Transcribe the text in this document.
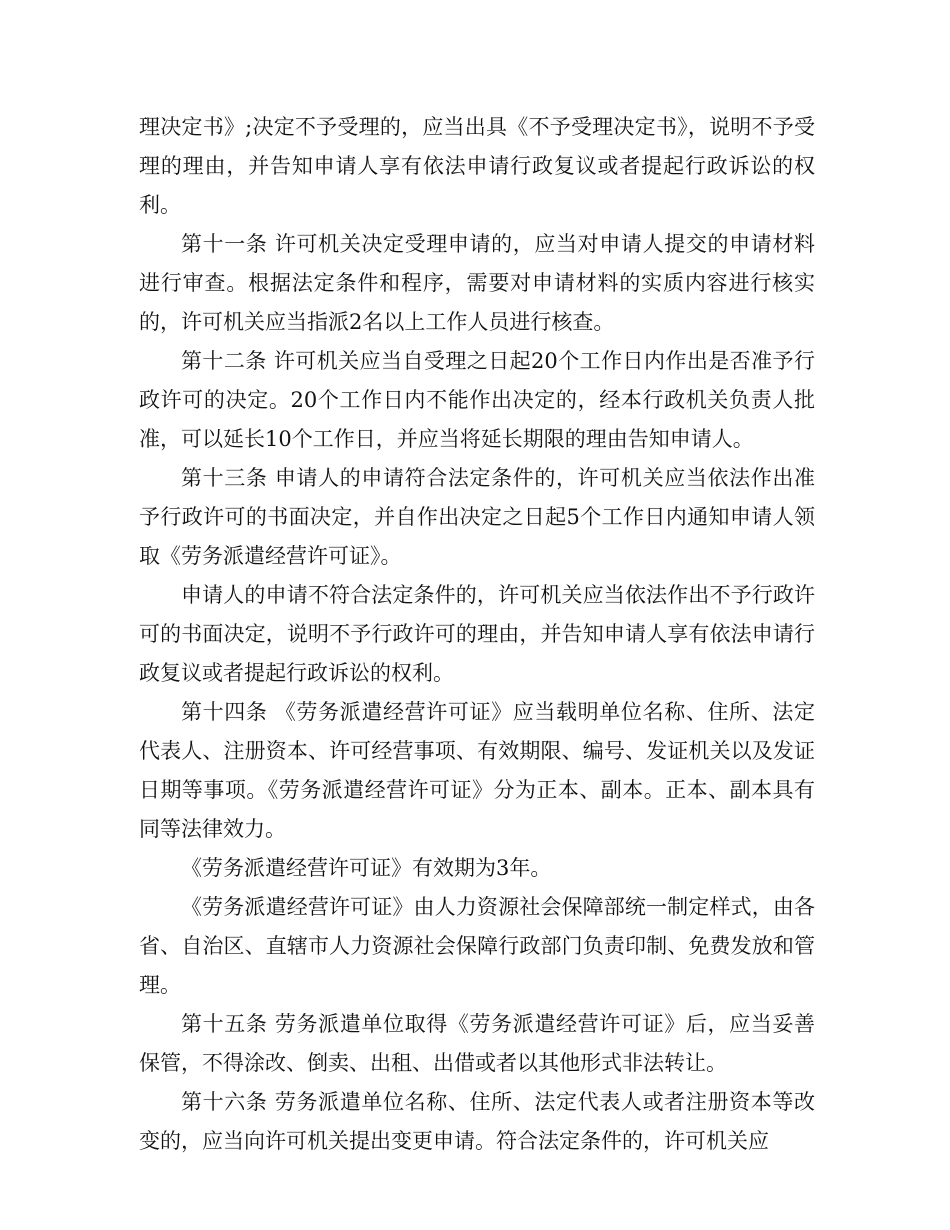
理决定书》;决定不予受理的，应当出具《不予受理决定书》，说明不予受理的理由，并告知申请人享有依法申请行政复议或者提起行政诉讼的权利。

第十一条 许可机关决定受理申请的，应当对申请人提交的申请材料进行审查。根据法定条件和程序，需要对申请材料的实质内容进行核实的，许可机关应当指派2名以上工作人员进行核查。

第十二条 许可机关应当自受理之日起20个工作日内作出是否准予行政许可的决定。20个工作日内不能作出决定的，经本行政机关负责人批准，可以延长10个工作日，并应当将延长期限的理由告知申请人。

第十三条 申请人的申请符合法定条件的，许可机关应当依法作出准予行政许可的书面决定，并自作出决定之日起5个工作日内通知申请人领取《劳务派遣经营许可证》。

申请人的申请不符合法定条件的，许可机关应当依法作出不予行政许可的书面决定，说明不予行政许可的理由，并告知申请人享有依法申请行政复议或者提起行政诉讼的权利。

第十四条 《劳务派遣经营许可证》应当载明单位名称、住所、法定代表人、注册资本、许可经营事项、有效期限、编号、发证机关以及发证日期等事项。《劳务派遣经营许可证》分为正本、副本。正本、副本具有同等法律效力。

《劳务派遣经营许可证》有效期为3年。

《劳务派遣经营许可证》由人力资源社会保障部统一制定样式，由各省、自治区、直辖市人力资源社会保障行政部门负责印制、免费发放和管理。

第十五条 劳务派遣单位取得《劳务派遣经营许可证》后，应当妥善保管，不得涂改、倒卖、出租、出借或者以其他形式非法转让。

第十六条 劳务派遣单位名称、住所、法定代表人或者注册资本等改变的，应当向许可机关提出变更申请。符合法定条件的，许可机关应
